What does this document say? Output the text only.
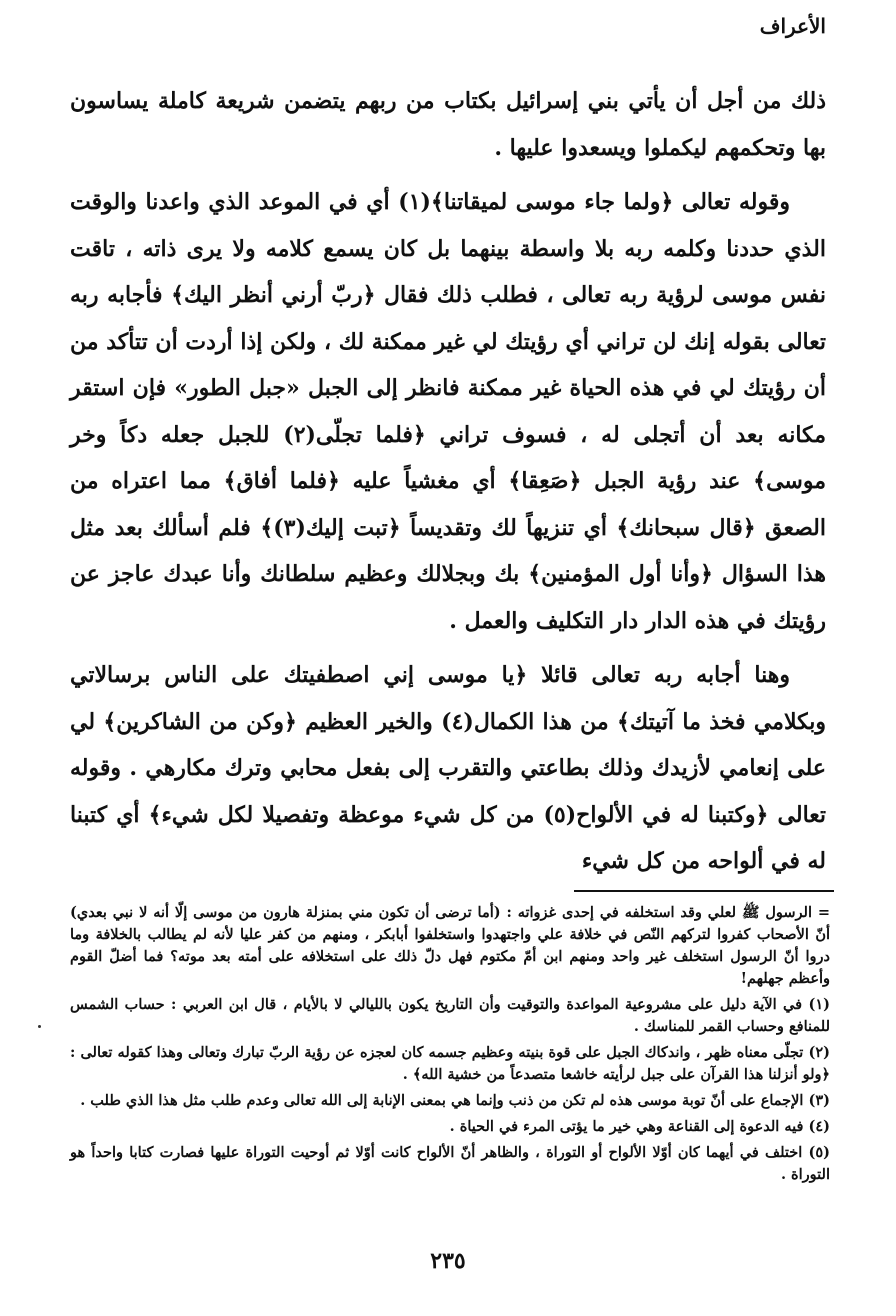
الأعراف

ذلك من أجل أن يأتي بني إسرائيل بكتاب من ربهم يتضمن شريعة كاملة يساسون بها وتحكمهم ليكملوا ويسعدوا عليها .

وقوله تعالى ﴿ولما جاء موسى لميقاتنا﴾(١) أي في الموعد الذي واعدنا والوقت الذي حددنا وكلمه ربه بلا واسطة بينهما بل كان يسمع كلامه ولا يرى ذاته ، تاقت نفس موسى لرؤية ربه تعالى ، فطلب ذلك فقال ﴿ربّ أرني أنظر اليك﴾ فأجابه ربه تعالى بقوله إنك لن تراني أي رؤيتك لي غير ممكنة لك ، ولكن إذا أردت أن تتأكد من أن رؤيتك لي في هذه الحياة غير ممكنة فانظر إلى الجبل «جبل الطور» فإن استقر مكانه بعد أن أتجلى له ، فسوف تراني ﴿فلما تجلّى(٢) للجبل جعله دكاً وخر موسى﴾ عند رؤية الجبل ﴿صَعِقا﴾ أي مغشياً عليه ﴿فلما أفاق﴾ مما اعتراه من الصعق ﴿قال سبحانك﴾ أي تنزيهاً لك وتقديساً ﴿تبت إليك(٣)﴾ فلم أسألك بعد مثل هذا السؤال ﴿وأنا أول المؤمنين﴾ بك وبجلالك وعظيم سلطانك وأنا عبدك عاجز عن رؤيتك في هذه الدار دار التكليف والعمل .

وهنا أجابه ربه تعالى قائلا ﴿يا موسى إني اصطفيتك على الناس برسالاتي وبكلامي فخذ ما آتيتك﴾ من هذا الكمال(٤) والخير العظيم ﴿وكن من الشاكرين﴾ لي على إنعامي لأزيدك وذلك بطاعتي والتقرب إلى بفعل محابي وترك مكارهي . وقوله تعالى ﴿وكتبنا له في الألواح(٥) من كل شيء موعظة وتفصيلا لكل شيء﴾ أي كتبنا له في ألواحه من كل شيء

= الرسول ﷺ لعلي وقد استخلفه في إحدى غزواته : (أما ترضى أن تكون مني بمنزلة هارون من موسى إلّا أنه لا نبي بعدي) أنّ الأصحاب كفروا لتركهم النّص في خلافة علي واجتهدوا واستخلفوا أبابكر ، ومنهم من كفر عليا لأنه لم يطالب بالخلافة وما دروا أنّ الرسول استخلف غير واحد ومنهم ابن أمّ مكتوم فهل دلّ ذلك على استخلافه على أمته بعد موته؟ فما أضلّ القوم وأعظم جهلهم!

(١) في الآية دليل على مشروعية المواعدة والتوقيت وأن التاريخ يكون بالليالي لا بالأيام ، قال ابن العربي : حساب الشمس للمنافع وحساب القمر للمناسك .

(٢) تجلّى معناه ظهر ، واندكاك الجبل على قوة بنيته وعظيم جسمه كان لعجزه عن رؤية الربّ تبارك وتعالى وهذا كقوله تعالى : ﴿ولو أنزلنا هذا القرآن على جبل لرأيته خاشعا متصدعاً من خشية الله﴾ .

(٣) الإجماع على أنّ توبة موسى هذه لم تكن من ذنب وإنما هي بمعنى الإنابة إلى الله تعالى وعدم طلب مثل هذا الذي طلب .

(٤) فيه الدعوة إلى القناعة وهي خير ما يؤتى المرء في الحياة .

(٥) اختلف في أيهما كان أوّلا الألواح أو التوراة ، والظاهر أنّ الألواح كانت أوّلا ثم أوحيت التوراة عليها فصارت كتابا واحداً هو التوراة .

٢٣٥
